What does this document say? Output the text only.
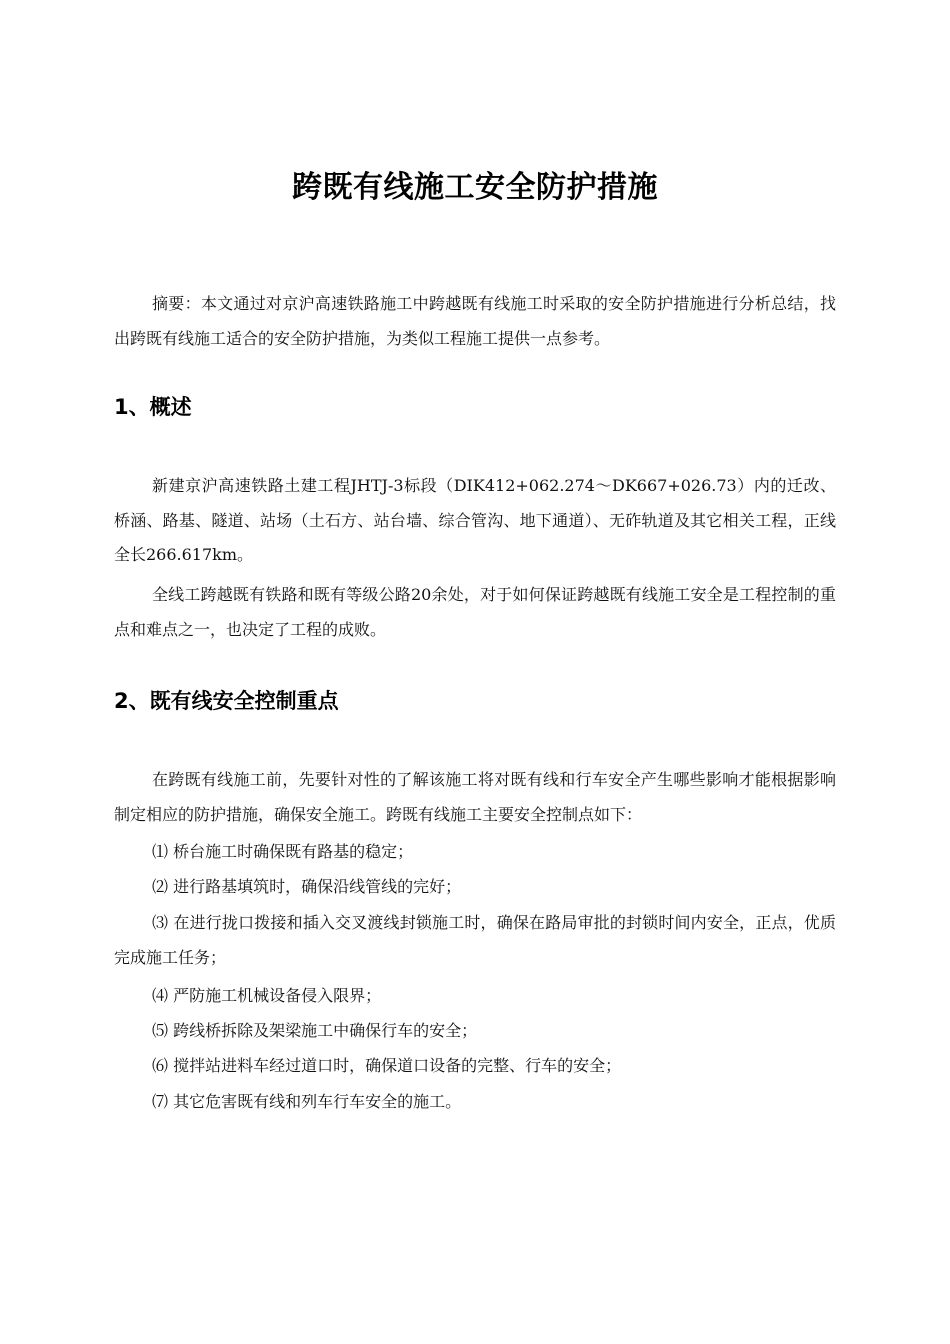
跨既有线施工安全防护措施
摘要：本文通过对京沪高速铁路施工中跨越既有线施工时采取的安全防护措施进行分析总结，找出跨既有线施工适合的安全防护措施，为类似工程施工提供一点参考。
1、概述
新建京沪高速铁路土建工程JHTJ-3标段（DIK412+062.274～DK667+026.73）内的迁改、桥涵、路基、隧道、站场（土石方、站台墙、综合管沟、地下通道）、无砟轨道及其它相关工程，正线全长266.617km。
全线工跨越既有铁路和既有等级公路20余处，对于如何保证跨越既有线施工安全是工程控制的重点和难点之一，也决定了工程的成败。
2、既有线安全控制重点
在跨既有线施工前，先要针对性的了解该施工将对既有线和行车安全产生哪些影响才能根据影响制定相应的防护措施，确保安全施工。跨既有线施工主要安全控制点如下：
⑴ 桥台施工时确保既有路基的稳定；
⑵ 进行路基填筑时，确保沿线管线的完好；
⑶ 在进行拢口拨接和插入交叉渡线封锁施工时，确保在路局审批的封锁时间内安全，正点，优质完成施工任务；
⑷ 严防施工机械设备侵入限界；
⑸ 跨线桥拆除及架梁施工中确保行车的安全；
⑹ 搅拌站进料车经过道口时，确保道口设备的完整、行车的安全；
⑺ 其它危害既有线和列车行车安全的施工。
